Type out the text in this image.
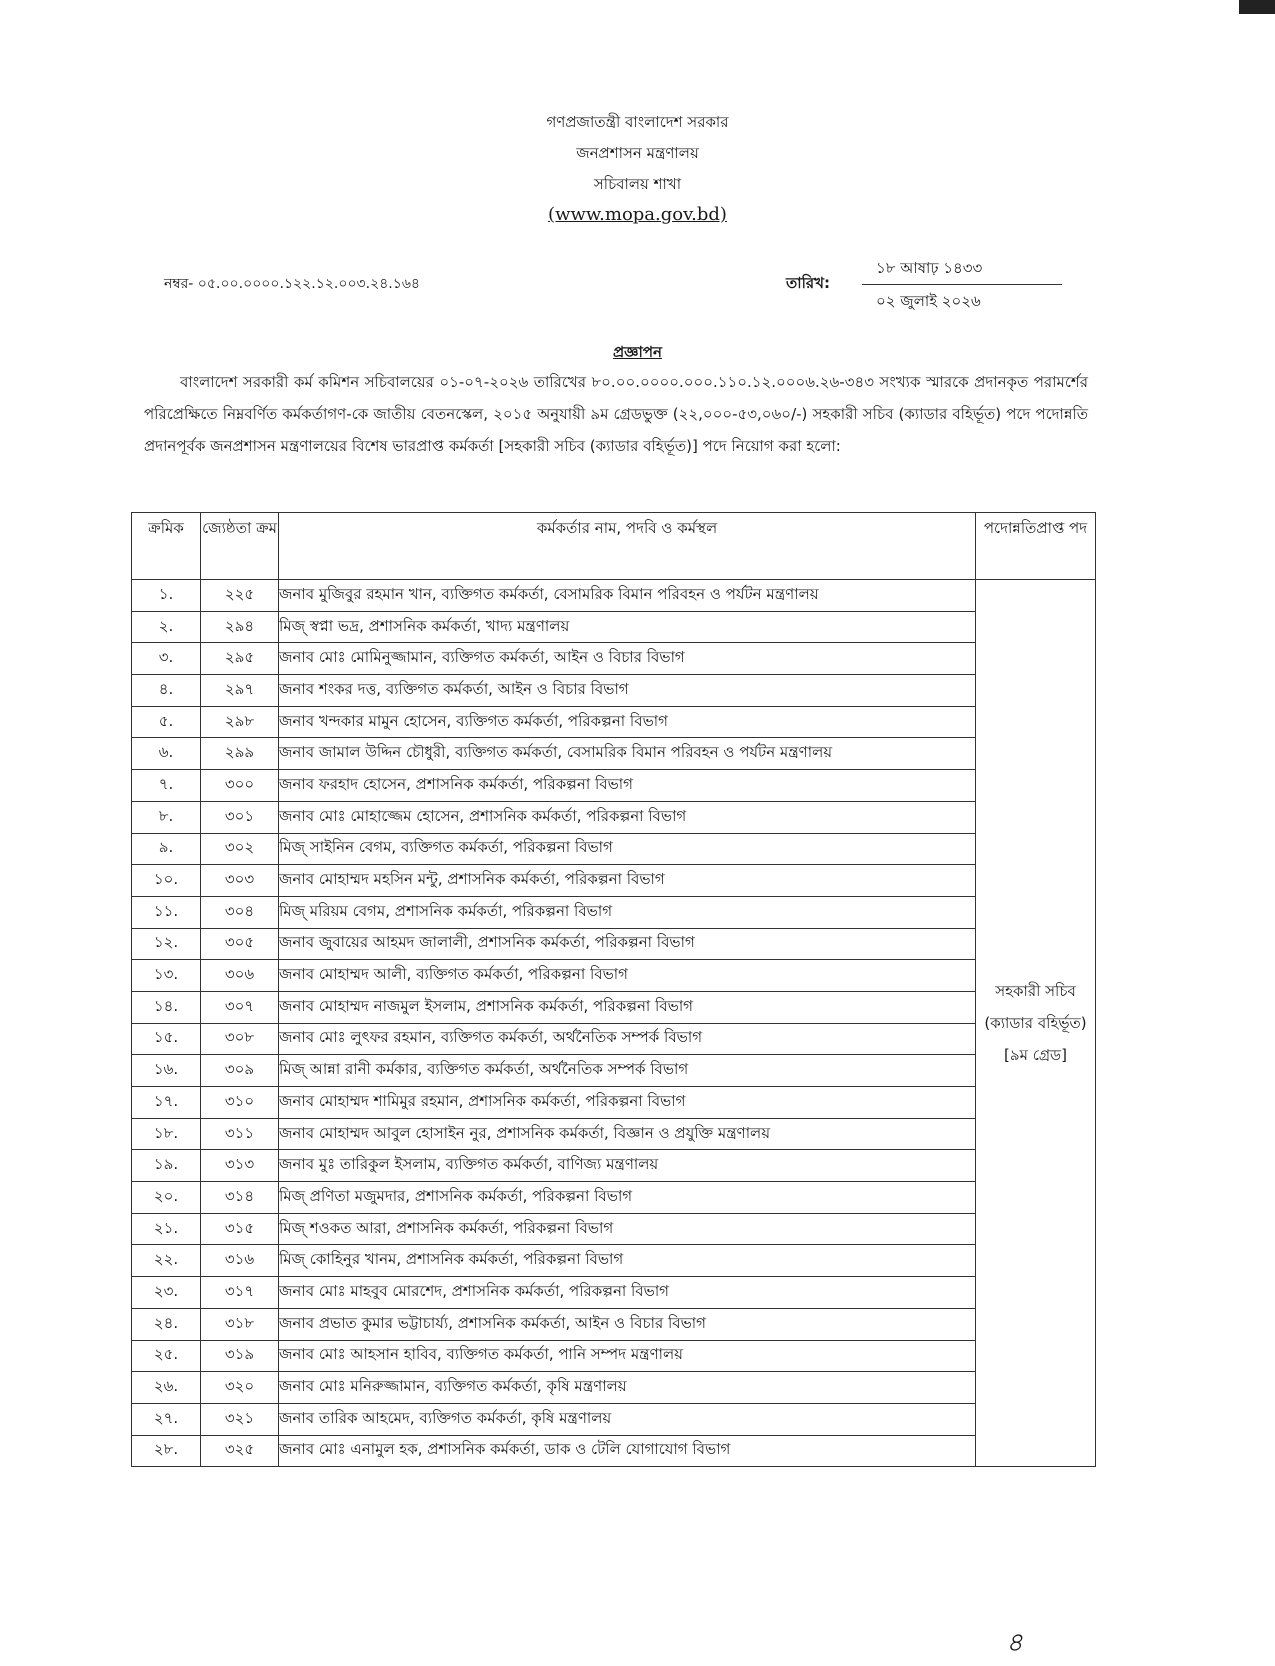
গণপ্রজাতন্ত্রী বাংলাদেশ সরকার
জনপ্রশাসন মন্ত্রণালয়
সচিবালয় শাখা
(www.mopa.gov.bd)
নম্বর- ০৫.০০.০০০০.১২২.১২.০০৩.২৪.১৬৪	তারিখ:
১৮ আষাঢ় ১৪৩৩
০২ জুলাই ২০২৬
প্রজ্ঞাপন
বাংলাদেশ সরকারী কর্ম কমিশন সচিবালয়ের ০১-০৭-২০২৬ তারিখের ৮০.০০.০০০০.০০০.১১০.১২.০০০৬.২৬-৩৪৩ সংখ্যক স্মারকে প্রদানকৃত পরামর্শের পরিপ্রেক্ষিতে নিম্নবর্ণিত কর্মকর্তাগণ-কে জাতীয় বেতনস্কেল, ২০১৫ অনুযায়ী ৯ম গ্রেডভুক্ত (২২,০০০-৫৩,০৬০/-) সহকারী সচিব (ক্যাডার বহির্ভূত) পদে পদোন্নতি প্রদানপূর্বক জনপ্রশাসন মন্ত্রণালয়ের বিশেষ ভারপ্রাপ্ত কর্মকর্তা [সহকারী সচিব (ক্যাডার বহির্ভূত)] পদে নিয়োগ করা হলো:
ক্রমিক	জ্যেষ্ঠতা ক্রম	কর্মকর্তার নাম, পদবি ও কর্মস্থল	পদোন্নতিপ্রাপ্ত পদ
১.	২২৫	জনাব মুজিবুর রহমান খান, ব্যক্তিগত কর্মকর্তা, বেসামরিক বিমান পরিবহন ও পর্যটন মন্ত্রণালয়	সহকারী সচিব (ক্যাডার বহির্ভূত) [৯ম গ্রেড]
২.	২৯৪	মিজ্ স্বপ্না ভদ্র, প্রশাসনিক কর্মকর্তা, খাদ্য মন্ত্রণালয়	
৩.	২৯৫	জনাব মোঃ মোমিনুজ্জামান, ব্যক্তিগত কর্মকর্তা, আইন ও বিচার বিভাগ	
৪.	২৯৭	জনাব শংকর দত্ত, ব্যক্তিগত কর্মকর্তা, আইন ও বিচার বিভাগ	
৫.	২৯৮	জনাব খন্দকার মামুন হোসেন, ব্যক্তিগত কর্মকর্তা, পরিকল্পনা বিভাগ	
৬.	২৯৯	জনাব জামাল উদ্দিন চৌধুরী, ব্যক্তিগত কর্মকর্তা, বেসামরিক বিমান পরিবহন ও পর্যটন মন্ত্রণালয়	
৭.	৩০০	জনাব ফরহাদ হোসেন, প্রশাসনিক কর্মকর্তা, পরিকল্পনা বিভাগ	
৮.	৩০১	জনাব মোঃ মোহাজ্জেম হোসেন, প্রশাসনিক কর্মকর্তা, পরিকল্পনা বিভাগ	
৯.	৩০২	মিজ্ সাইনিন বেগম, ব্যক্তিগত কর্মকর্তা, পরিকল্পনা বিভাগ	
১০.	৩০৩	জনাব মোহাম্মদ মহসিন মন্টু, প্রশাসনিক কর্মকর্তা, পরিকল্পনা বিভাগ	
১১.	৩০৪	মিজ্ মরিয়ম বেগম, প্রশাসনিক কর্মকর্তা, পরিকল্পনা বিভাগ	
১২.	৩০৫	জনাব জুবায়ের আহমদ জালালী, প্রশাসনিক কর্মকর্তা, পরিকল্পনা বিভাগ	
১৩.	৩০৬	জনাব মোহাম্মদ আলী, ব্যক্তিগত কর্মকর্তা, পরিকল্পনা বিভাগ	
১৪.	৩০৭	জনাব মোহাম্মদ নাজমুল ইসলাম, প্রশাসনিক কর্মকর্তা, পরিকল্পনা বিভাগ	
১৫.	৩০৮	জনাব মোঃ লুৎফর রহমান, ব্যক্তিগত কর্মকর্তা, অর্থনৈতিক সম্পর্ক বিভাগ	
১৬.	৩০৯	মিজ্ আন্না রানী কর্মকার, ব্যক্তিগত কর্মকর্তা, অর্থনৈতিক সম্পর্ক বিভাগ	
১৭.	৩১০	জনাব মোহাম্মদ শামিমুর রহমান, প্রশাসনিক কর্মকর্তা, পরিকল্পনা বিভাগ	
১৮.	৩১১	জনাব মোহাম্মদ আবুল হোসাইন নুর, প্রশাসনিক কর্মকর্তা, বিজ্ঞান ও প্রযুক্তি মন্ত্রণালয়	
১৯.	৩১৩	জনাব মুঃ তারিকুল ইসলাম, ব্যক্তিগত কর্মকর্তা, বাণিজ্য মন্ত্রণালয়	
২০.	৩১৪	মিজ্ প্রণিতা মজুমদার, প্রশাসনিক কর্মকর্তা, পরিকল্পনা বিভাগ	
২১.	৩১৫	মিজ্ শওকত আরা, প্রশাসনিক কর্মকর্তা, পরিকল্পনা বিভাগ	
২২.	৩১৬	মিজ্ কোহিনুর খানম, প্রশাসনিক কর্মকর্তা, পরিকল্পনা বিভাগ	
২৩.	৩১৭	জনাব মোঃ মাহবুব মোরশেদ, প্রশাসনিক কর্মকর্তা, পরিকল্পনা বিভাগ	
২৪.	৩১৮	জনাব প্রভাত কুমার ভট্টাচার্য্য, প্রশাসনিক কর্মকর্তা, আইন ও বিচার বিভাগ	
২৫.	৩১৯	জনাব মোঃ আহসান হাবিব, ব্যক্তিগত কর্মকর্তা, পানি সম্পদ মন্ত্রণালয়	
২৬.	৩২০	জনাব মোঃ মনিরুজ্জামান, ব্যক্তিগত কর্মকর্তা, কৃষি মন্ত্রণালয়	
২৭.	৩২১	জনাব তারিক আহমেদ, ব্যক্তিগত কর্মকর্তা, কৃষি মন্ত্রণালয়	
২৮.	৩২৫	জনাব মোঃ এনামুল হক, প্রশাসনিক কর্মকর্তা, ডাক ও টেলি যোগাযোগ বিভাগ	
৪
